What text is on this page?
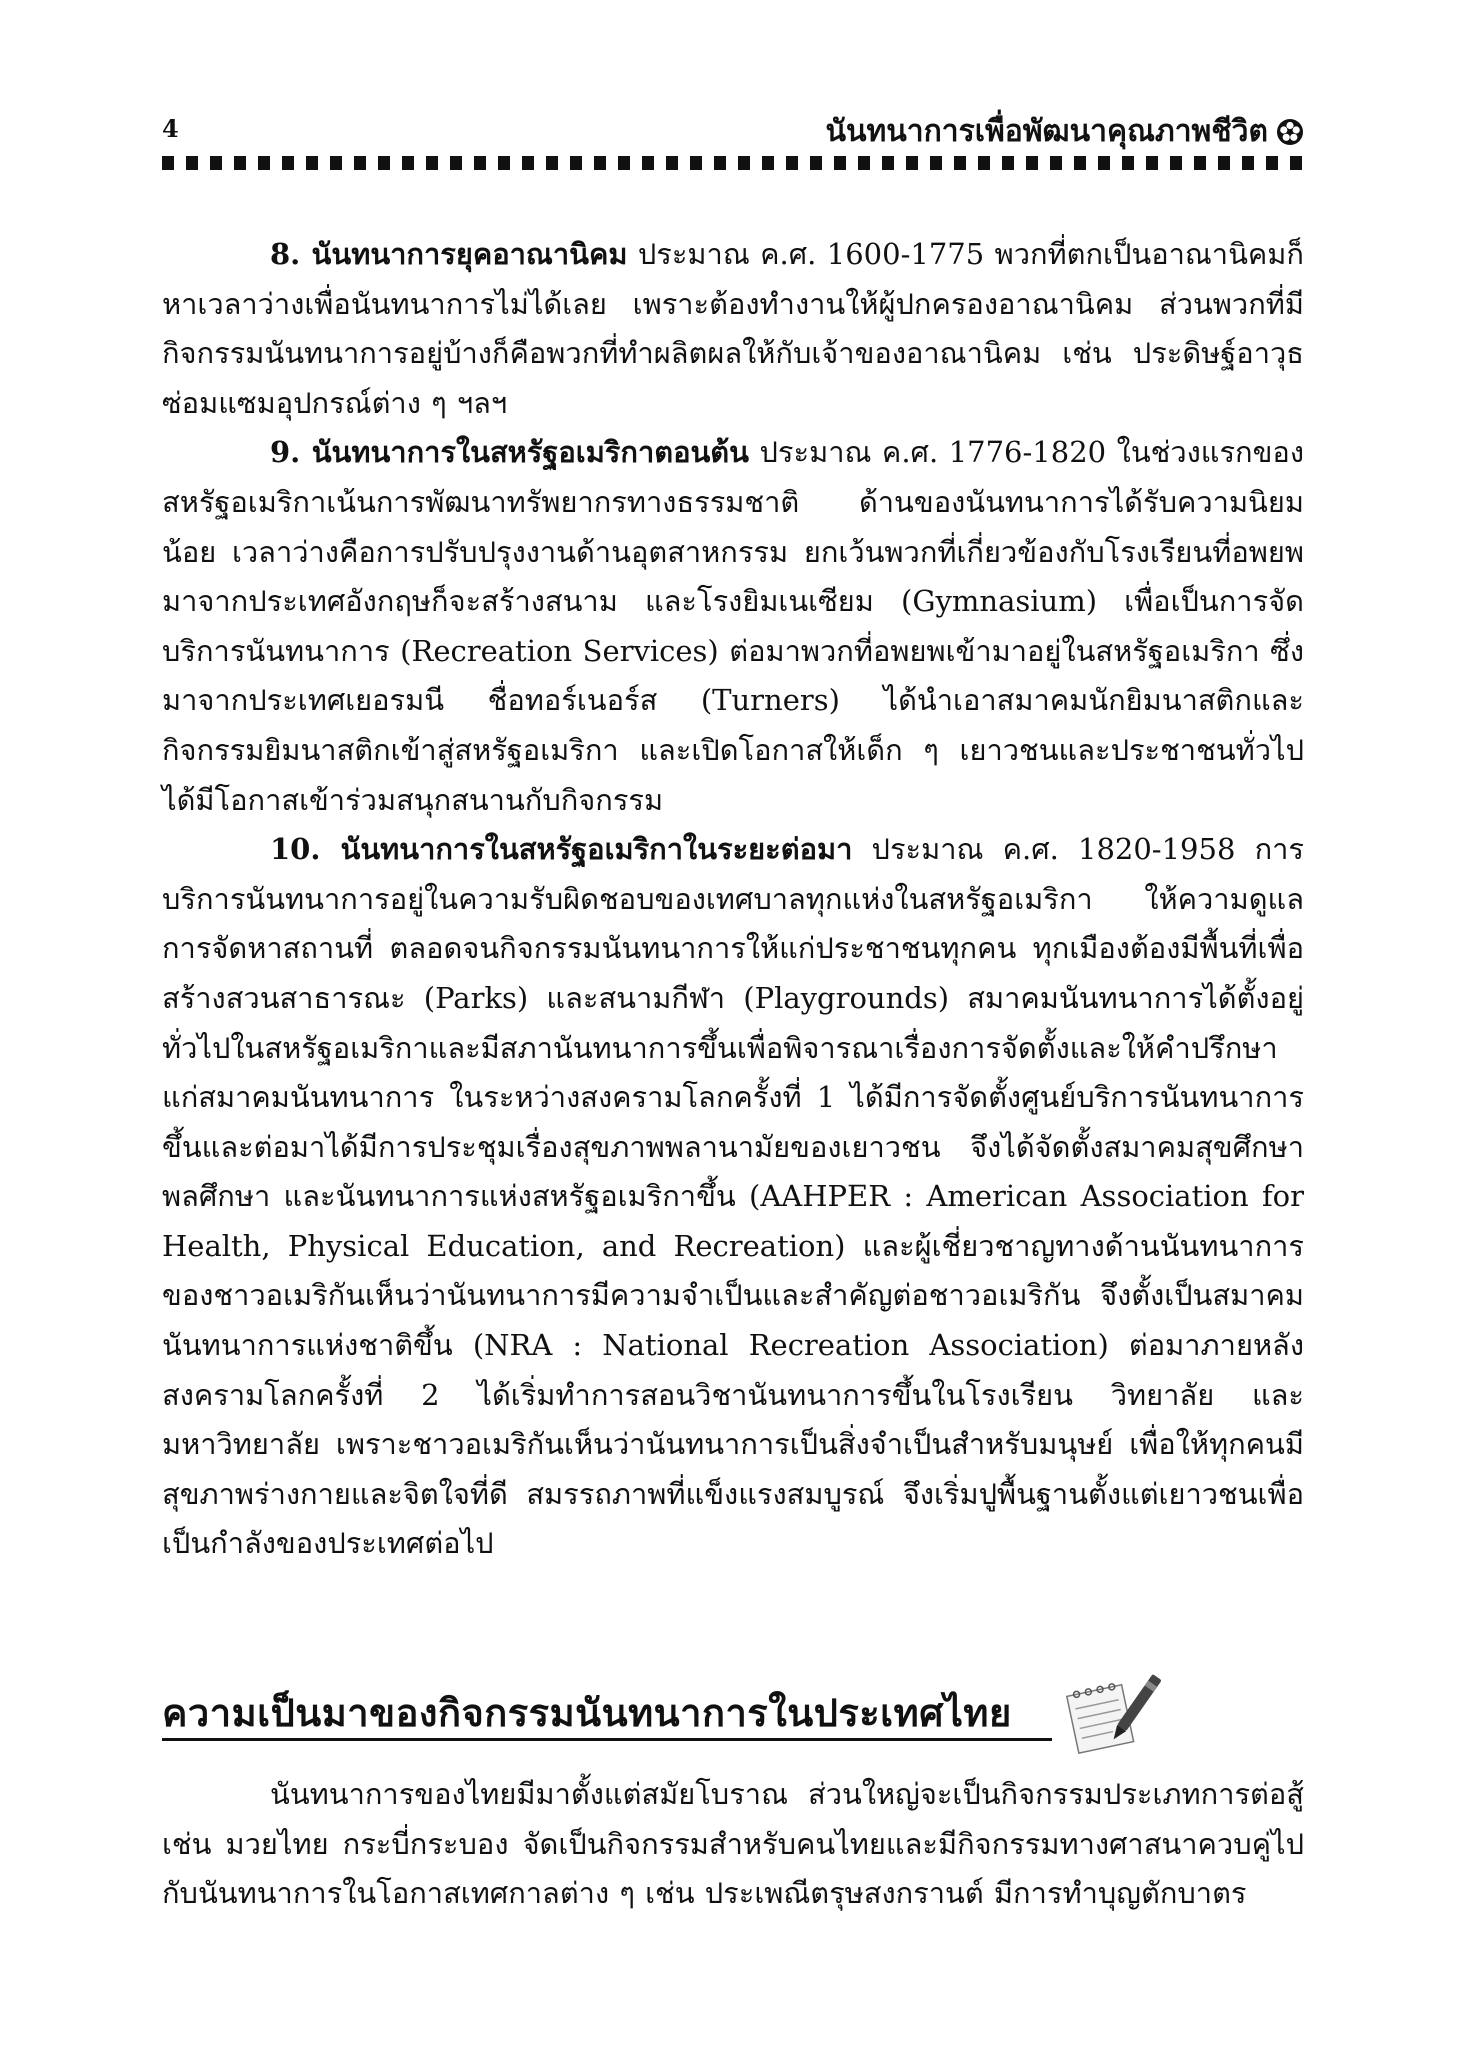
4	นันทนาการเพื่อพัฒนาคุณภาพชีวิต

8. นันทนาการยุคอาณานิคม ประมาณ ค.ศ. 1600-1775 พวกที่ตกเป็นอาณานิคมก็หาเวลาว่างเพื่อนันทนาการไม่ได้เลย เพราะต้องทำงานให้ผู้ปกครองอาณานิคม ส่วนพวกที่มีกิจกรรมนันทนาการอยู่บ้างก็คือพวกที่ทำผลิตผลให้กับเจ้าของอาณานิคม เช่น ประดิษฐ์อาวุธ ซ่อมแซมอุปกรณ์ต่าง ๆ ฯลฯ

9. นันทนาการในสหรัฐอเมริกาตอนต้น ประมาณ ค.ศ. 1776-1820 ในช่วงแรกของสหรัฐอเมริกาเน้นการพัฒนาทรัพยากรทางธรรมชาติ ด้านของนันทนาการได้รับความนิยมน้อย เวลาว่างคือการปรับปรุงงานด้านอุตสาหกรรม ยกเว้นพวกที่เกี่ยวข้องกับโรงเรียนที่อพยพมาจากประเทศอังกฤษก็จะสร้างสนาม และโรงยิมเนเซียม (Gymnasium) เพื่อเป็นการจัดบริการนันทนาการ (Recreation Services) ต่อมาพวกที่อพยพเข้ามาอยู่ในสหรัฐอเมริกา ซึ่งมาจากประเทศเยอรมนี ชื่อทอร์เนอร์ส (Turners) ได้นำเอาสมาคมนักยิมนาสติกและกิจกรรมยิมนาสติกเข้าสู่สหรัฐอเมริกา และเปิดโอกาสให้เด็ก ๆ เยาวชนและประชาชนทั่วไปได้มีโอกาสเข้าร่วมสนุกสนานกับกิจกรรม

10. นันทนาการในสหรัฐอเมริกาในระยะต่อมา ประมาณ ค.ศ. 1820-1958 การบริการนันทนาการอยู่ในความรับผิดชอบของเทศบาลทุกแห่งในสหรัฐอเมริกา ให้ความดูแลการจัดหาสถานที่ ตลอดจนกิจกรรมนันทนาการให้แก่ประชาชนทุกคน ทุกเมืองต้องมีพื้นที่เพื่อสร้างสวนสาธารณะ (Parks) และสนามกีฬา (Playgrounds) สมาคมนันทนาการได้ตั้งอยู่ทั่วไปในสหรัฐอเมริกาและมีสภานันทนาการขึ้นเพื่อพิจารณาเรื่องการจัดตั้งและให้คำปรึกษาแก่สมาคมนันทนาการ ในระหว่างสงครามโลกครั้งที่ 1 ได้มีการจัดตั้งศูนย์บริการนันทนาการขึ้นและต่อมาได้มีการประชุมเรื่องสุขภาพพลานามัยของเยาวชน จึงได้จัดตั้งสมาคมสุขศึกษาพลศึกษา และนันทนาการแห่งสหรัฐอเมริกาขึ้น (AAHPER : American Association for Health, Physical Education, and Recreation) และผู้เชี่ยวชาญทางด้านนันทนาการของชาวอเมริกันเห็นว่านันทนาการมีความจำเป็นและสำคัญต่อชาวอเมริกัน จึงตั้งเป็นสมาคมนันทนาการแห่งชาติขึ้น (NRA : National Recreation Association) ต่อมาภายหลังสงครามโลกครั้งที่ 2 ได้เริ่มทำการสอนวิชานันทนาการขึ้นในโรงเรียน วิทยาลัย และมหาวิทยาลัย เพราะชาวอเมริกันเห็นว่านันทนาการเป็นสิ่งจำเป็นสำหรับมนุษย์ เพื่อให้ทุกคนมีสุขภาพร่างกายและจิตใจที่ดี สมรรถภาพที่แข็งแรงสมบูรณ์ จึงเริ่มปูพื้นฐานตั้งแต่เยาวชนเพื่อเป็นกำลังของประเทศต่อไป

ความเป็นมาของกิจกรรมนันทนาการในประเทศไทย

นันทนาการของไทยมีมาตั้งแต่สมัยโบราณ ส่วนใหญ่จะเป็นกิจกรรมประเภทการต่อสู้ เช่น มวยไทย กระบี่กระบอง จัดเป็นกิจกรรมสำหรับคนไทยและมีกิจกรรมทางศาสนาควบคู่ไปกับนันทนาการในโอกาสเทศกาลต่าง ๆ เช่น ประเพณีตรุษสงกรานต์ มีการทำบุญตักบาตร
